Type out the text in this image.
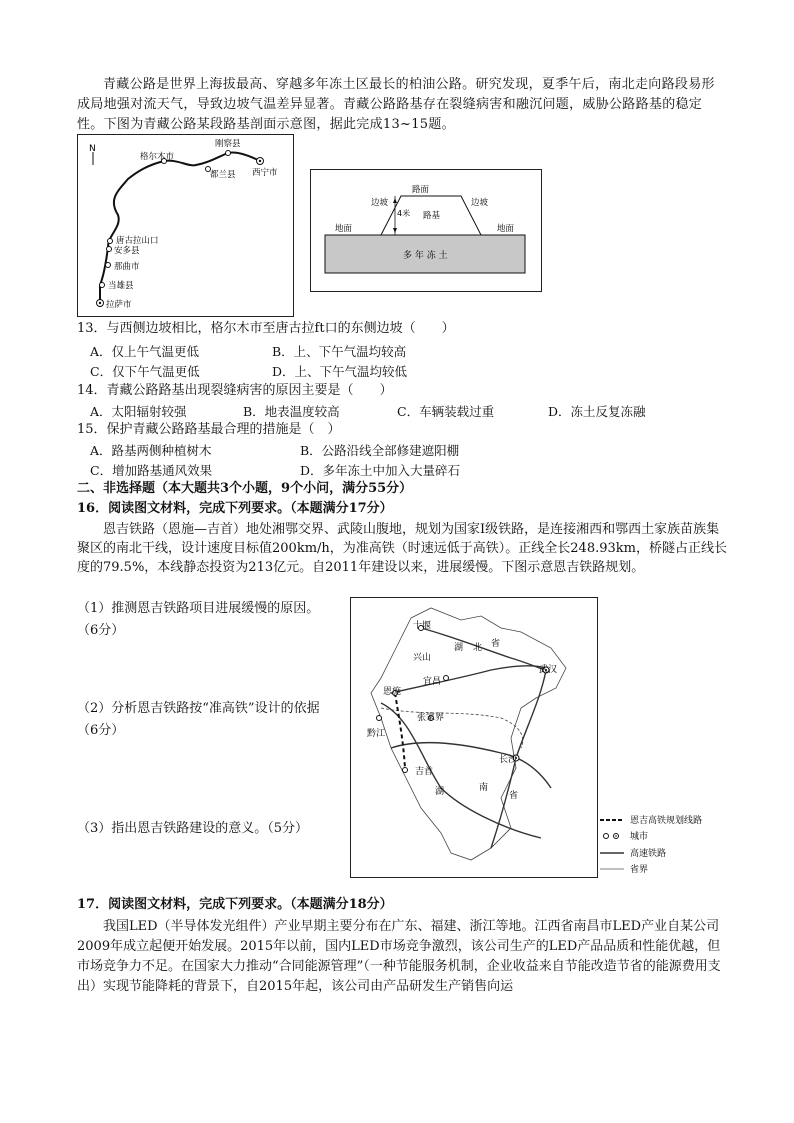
青藏公路是世界上海拔最高、穿越多年冻土区最长的柏油公路。研究发现，夏季午后，南北走向路段易形成局地强对流天气，导致边坡气温差异显著。青藏公路路基存在裂缝病害和融沉问题，威胁公路路基的稳定性。下图为青藏公路某段路基剖面示意图，据此完成13~15题。
N	刚察县
格尔木市
都兰县 西宁市
唐古拉山口
安多县
那曲市
当雄县
拉萨市
路面
边坡	边坡
4米 路基
地面	地面
多 年 冻 土
13．与西侧边坡相比，格尔木市至唐古拉ft口的东侧边坡（　　）
A．仅上午气温更低	B．上、下午气温均较高
C．仅下午气温更低	D．上、下午气温均较低
14．青藏公路路基出现裂缝病害的原因主要是（　　）
A．太阳辐射较强	B．地表温度较高	C．车辆装载过重	D．冻土反复冻融
15．保护青藏公路路基最合理的措施是（　）
A．路基两侧种植树木	B．公路沿线全部修建遮阳棚
C．增加路基通风效果	D．多年冻土中加入大量碎石
二、非选择题（本大题共3个小题，9个小问，满分55分）
16．阅读图文材料，完成下列要求。（本题满分17分）
恩吉铁路（恩施—吉首）地处湘鄂交界、武陵山腹地，规划为国家Ⅰ级铁路，是连接湘西和鄂西土家族苗族集聚区的南北干线，设计速度目标值200km/h，为准高铁（时速远低于高铁）。正线全长248.93km，桥隧占正线长度的79.5%，本线静态投资为213亿元。自2011年建设以来，进展缓慢。下图示意恩吉铁路规划。
（1）推测恩吉铁路项目进展缓慢的原因。
（6分）
（2）分析恩吉铁路按“准高铁”设计的依据
（6分）
（3）指出恩吉铁路建设的意义。（5分）
十堰
兴山
湖 北 省
武汉
宜昌
恩施
张家界
黔江
吉首
长沙
湖	南
省
恩吉高铁规划线路
城市
高速铁路
省界
17．阅读图文材料，完成下列要求。（本题满分18分）
我国LED（半导体发光组件）产业早期主要分布在广东、福建、浙江等地。江西省南昌市LED产业自某公司2009年成立起便开始发展。2015年以前，国内LED市场竞争激烈，该公司生产的LED产品品质和性能优越，但市场竞争力不足。在国家大力推动“合同能源管理”（一种节能服务机制，企业收益来自节能改造节省的能源费用支出）实现节能降耗的背景下，自2015年起，该公司由产品研发生产销售向运
